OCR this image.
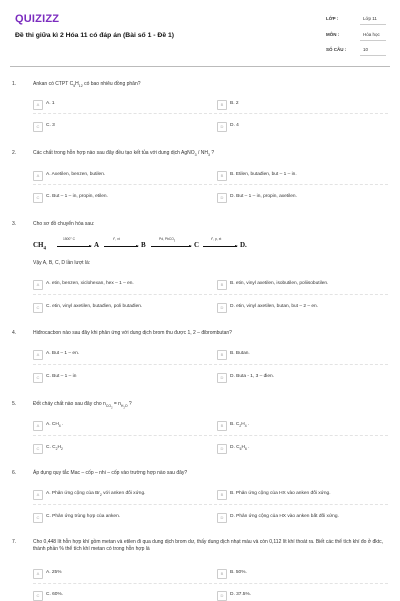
QUIZIZZ
Đề thi giữa kì 2 Hóa 11 có đáp án (Bài số 1 - Đề 1)
LỚP :	Lớp 11
MÔN :	Hóa học
SỐ CÂU :	10
1.	Ankan có CTPT $C_5H_{12}$ có bao nhiêu đồng phân?
A	A. 1	B	B. 2
C	C. 3	D	D. 4
2.	Các chất trong hỗn hợp nào sau đây đều tạo kết tủa với dung dịch AgNO$_3$ / $NH_3$ ?
A	A. Axetilen, benzen, butilen.	B	B. Etilen, butađien, but – 1 – in.
C	C. But – 1 – in, propin, etilen.	D	D. But – 1 – in, propin, axetilen.
3.	Cho sơ đồ chuyển hóa sau:
$CH_4$
1500° C
A
t°, xt
B
Pd, PbCO$_3$	C
t°, p, xt
D.
Vậy A, B, C, D lần lượt là:
A	A. etin, benzen, xiclohexan, hex – 1 – en.	B	B. etin, vinyl axetilen, isobutilen, poliisobutilen.
C	C. etin, vinyl axetilen, butađien, poli butađien.	D	D. etin, vinyl axetilen, butan, but – 2 – en.
4.	Hiđrocacbon nào sau đây khi phản ứng với dung dịch brom thu được 1, 2 – đibrombutan?
A	A. But – 1 – en.	B	B. Butan.
C	C. But – 1 – in	D	D. Buta - 1, 3 – đien.
5.	Đốt cháy chất nào sau đây cho $n_{CO_2} = n_{H_2O}$ ?
A	A. $CH_4$ .	B	B. $C_2H_4$ .
C	C. $C_2H_2$	D	D. $C_6H_6$ .
6.	Áp dụng quy tắc Mac – cốp – nhi – cốp vào trường hợp nào sau đây?
A	A. Phản ứng cộng của $Br_2$ với anken đối xứng.	B	B. Phản ứng cộng của HX vào anken đối xứng.
C	C. Phản ứng trùng hợp của anken.	D	D. Phản ứng cộng của HX vào anken bất đối xứng.
7.	Cho 0,448 lít hỗn hợp khí gồm metan và etilen đi qua dung dịch brom dư, thấy dung dịch nhạt màu và còn 0,112 lít khí thoát ra. Biết các thể tích khí đo ở đktc, thành phần % thể tích khí metan có trong hỗn hợp là
A	A. 25%	B	B. 50%.
C	C. 60%.	D	D. 37.5%.
